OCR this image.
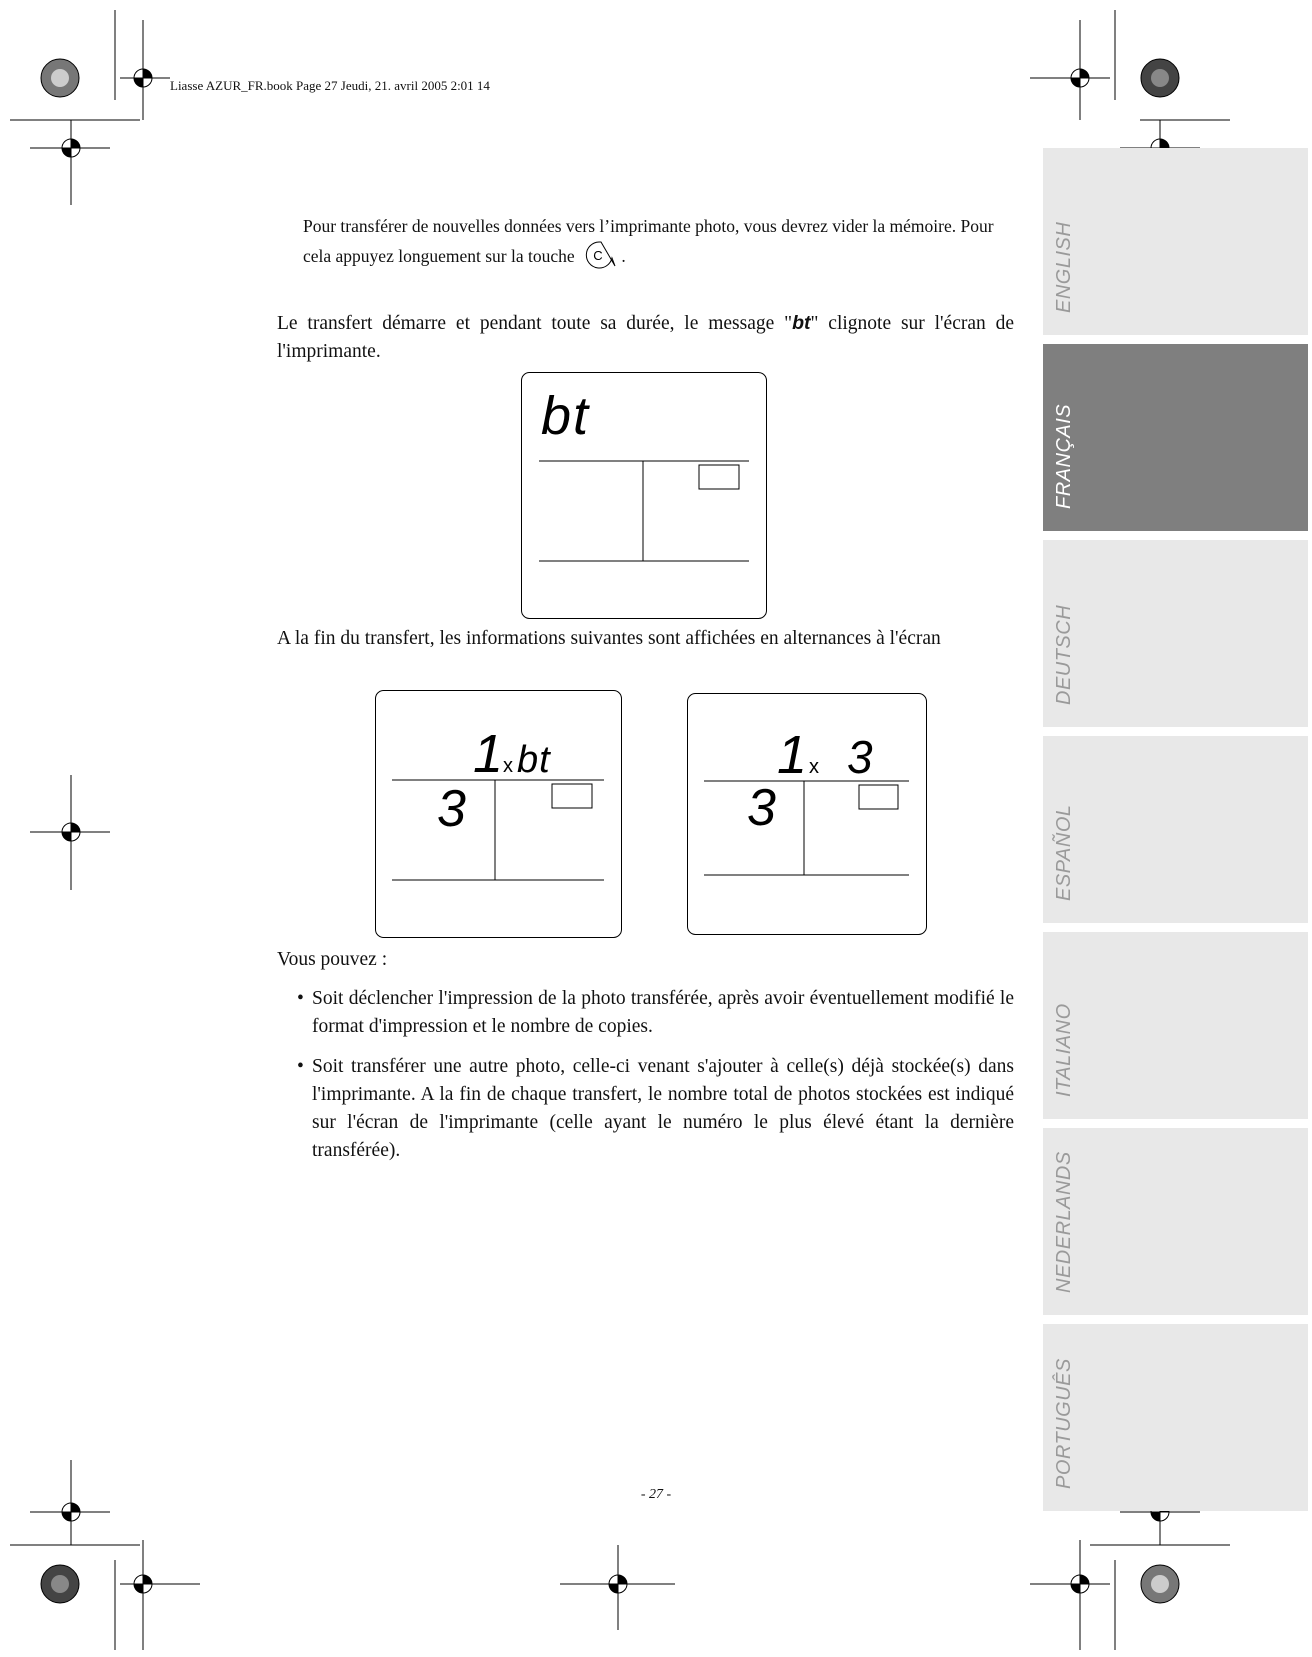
Liasse AZUR_FR.book Page 27 Jeudi, 21. avril 2005 2:01 14
Pour transférer de nouvelles données vers l’imprimante photo, vous devrez vider la mémoire. Pour cela appuyez longuement sur la touche C .
Le transfert démarre et pendant toute sa durée, le message "bt" clignote sur l'écran de l'imprimante.
bt
A la fin du transfert, les informations suivantes sont affichées en alternances à l'écran
1 x bt
3
1 x 3
3
Vous pouvez :
• Soit déclencher l'impression de la photo transférée, après avoir éventuellement modifié le format d'impression et le nombre de copies.
• Soit transférer une autre photo, celle-ci venant s'ajouter à celle(s) déjà stockée(s) dans l'imprimante. A la fin de chaque transfert, le nombre total de photos stockées est indiqué sur l'écran de l'imprimante (celle ayant le numéro le plus élevé étant la dernière transférée).
- 27 -
ENGLISH
FRANÇAIS
DEUTSCH
ESPAÑOL
ITALIANO
NEDERLANDS
PORTUGUÊS
